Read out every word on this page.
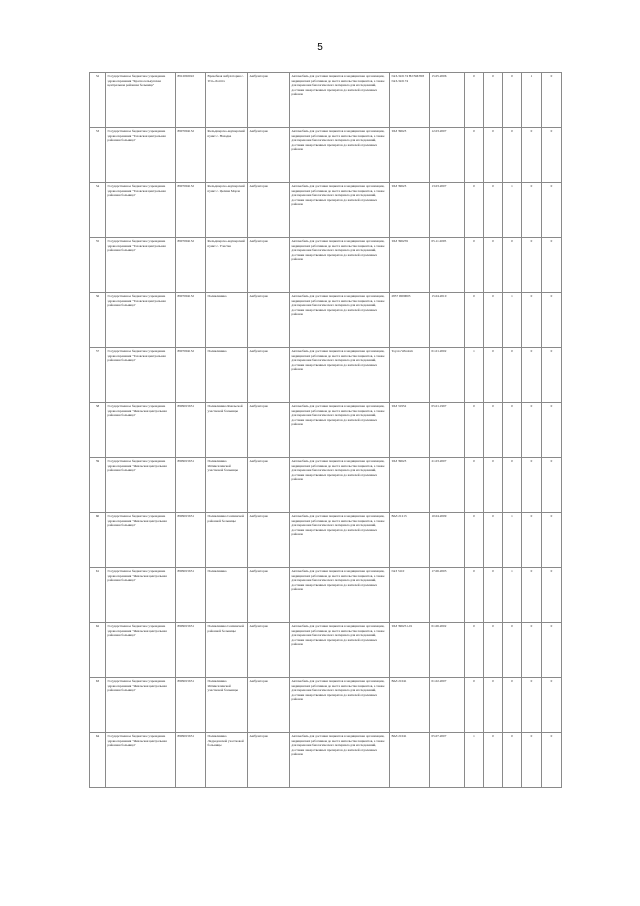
5
52	Государственное бюджетное учреждение здравоохранения "Красноселькупская центральная районная больница"	8912002022	Врачебная амбулатория с. Усть-Лоптта	Амбулаторно	Автомобиль для доставки пациентов в медицинские организации, медицинских работников до места жительства пациентов, а также для перевозки биологического материала для исследований, доставки лекарственных препаратов до жителей отдаленных районов	ГАЗ-322174 Н2/5М/803 ГАЗ-322174	15.05.2006	0	0	0	1	0
53	Государственное бюджетное учреждение здравоохранения "Тазовская центральная районная больница"	8907004152	Фельдшерско-акушерский пункт с. Находка	Амбулаторно	Автомобиль для доставки пациентов в медицинские организации, медицинских работников до места жительства пациентов, а также для перевозки биологического материала для исследований, доставки лекарственных препаратов до жителей отдаленных районов	УАЗ 39623	12.03.2007	0	0	0	0	0
54	Государственное бюджетное учреждение здравоохранения "Тазовская центральная районная больница"	8907004152	Фельдшерско-акушерский пункт с. Целина Морле	Амбулаторно	Автомобиль для доставки пациентов в медицинские организации, медицинских работников до места жительства пациентов, а также для перевозки биологического материала для исследований, доставки лекарственных препаратов до жителей отдаленных районов	УАЗ 39623	13.03.2007	0	0	1	0	0
55	Государственное бюджетное учреждение здравоохранения "Тазовская центральная районная больница"	8907004152	Фельдшерско-акушерский пункт с. Участка	Амбулаторно	Автомобиль для доставки пациентов в медицинские организации, медицинских работников до места жительства пациентов, а также для перевозки биологического материала для исследований, доставки лекарственных препаратов до жителей отдаленных районов	УАЗ 396259	05.11.2005	0	0	0	0	0
56	Государственное бюджетное учреждение здравоохранения "Тазовская центральная районная больница"	8907004152	Поликлиника	Амбулаторно	Автомобиль для доставки пациентов в медицинские организации, медицинских работников до места жительства пациентов, а также для перевозки биологического материала для исследований, доставки лекарственных препаратов до жителей отдаленных районов	2857 0000003	15.04.2010	0	0	1	0	0
57	Государственное бюджетное учреждение здравоохранения "Тазовская центральная районная больница"	8907004152	Поликлиника	Амбулаторно	Автомобиль для доставки пациентов в медицинские организации, медицинских работников до места жительства пациентов, а также для перевозки биологического материала для исследований, доставки лекарственных препаратов до жителей отдаленных районов	Toyota Windom	01.01.2002	1	0	0	0	0
58	Государственное бюджетное учреждение здравоохранения "Ямальская центральная районная больница"	8909015651	Поликлиника Ямальской участковой больницы	Амбулаторно	Автомобиль для доставки пациентов в медицинские организации, медицинских работников до места жительства пациентов, а также для перевозки биологического материала для исследований, доставки лекарственных препаратов до жителей отдаленных районов	УАЗ 31952	05.01.1997	0	0	0	0	0
59	Государственное бюджетное учреждение здравоохранения "Ямальская центральная районная больница"	8909015651	Поликлиника Яптиксалинской участковой больницы	Амбулаторно	Автомобиль для доставки пациентов в медицинские организации, медицинских работников до места жительства пациентов, а также для перевозки биологического материала для исследований, доставки лекарственных препаратов до жителей отдаленных районов	УАЗ 39623	21.03.2007	0	0	0	0	0
60	Государственное бюджетное учреждение здравоохранения "Ямальская центральная районная больница"	8909015651	Поликлиника Сеяхинской районной больницы	Амбулаторно	Автомобиль для доставки пациентов в медицинские организации, медицинских работников до места жительства пациентов, а также для перевозки биологического материала для исследований, доставки лекарственных препаратов до жителей отдаленных районов	ВАЗ 21213	10.04.2009	0	0	1	0	0
61	Государственное бюджетное учреждение здравоохранения "Ямальская центральная районная больница"	8909015651	Поликлиника	Амбулаторно	Автомобиль для доставки пациентов в медицинские организации, медицинских работников до места жительства пациентов, а также для перевозки биологического материала для исследований, доставки лекарственных препаратов до жителей отдаленных районов	ГАЗ 3110	17.06.2003	0	0	1	0	0
62	Государственное бюджетное учреждение здравоохранения "Ямальская центральная районная больница"	8909015651	Поликлиника Сеяхинской районной больницы	Амбулаторно	Автомобиль для доставки пациентов в медицинские организации, медицинских работников до места жительства пациентов, а также для перевозки биологического материала для исследований, доставки лекарственных препаратов до жителей отдаленных районов	УАЗ 396251-01	01.06.2002	0	0	0	0	0
63	Государственное бюджетное учреждение здравоохранения "Ямальская центральная районная больница"	8909015651	Поликлиника Яптиксалинской участковой больницы	Амбулаторно	Автомобиль для доставки пациентов в медицинские организации, медицинских работников до места жительства пациентов, а также для перевозки биологического материала для исследований, доставки лекарственных препаратов до жителей отдаленных районов	ВАЗ 21041	01.02.2007	0	0	0	0	0
64	Государственное бюджетное учреждение здравоохранения "Ямальская центральная районная больница"	8909015651	Поликлиника Ладрадовской участковой больницы	Амбулаторно	Автомобиль для доставки пациентов в медицинские организации, медицинских работников до места жительства пациентов, а также для перевозки биологического материала для исследований, доставки лекарственных препаратов до жителей отдаленных районов	ВАЗ 21041	05.07.2007	1	0	0	0	0
